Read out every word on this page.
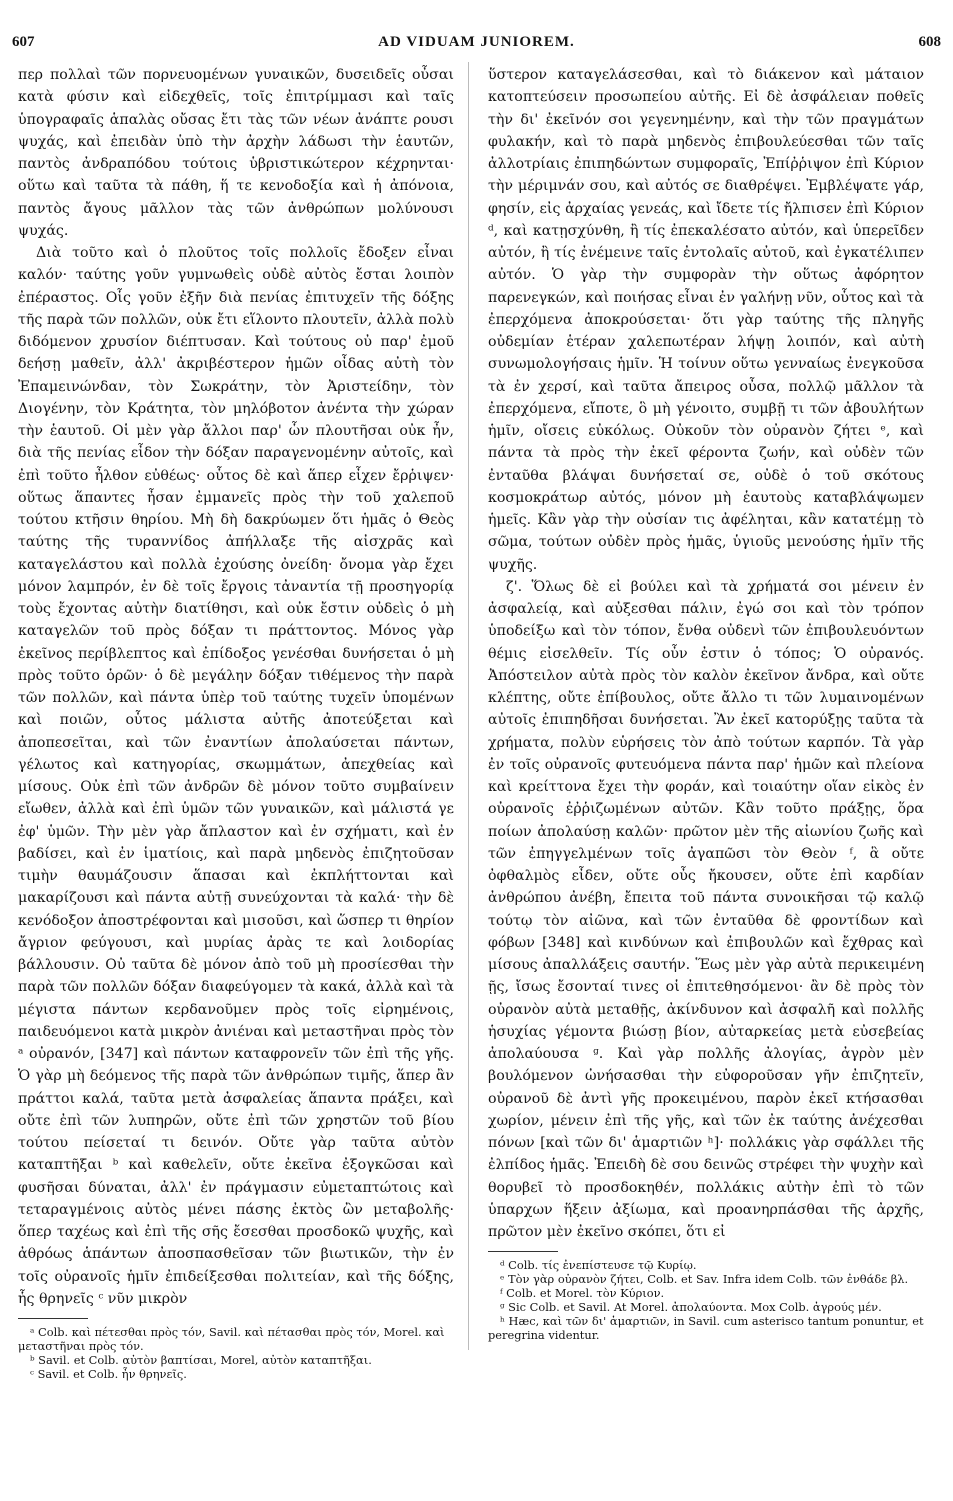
607	AD VIDUAM JUNIOREM.	608

περ πολλαὶ τῶν πορνευομένων γυναικῶν, δυσειδεῖς οὖσαι κατὰ φύσιν καὶ εἰδεχθεῖς, τοῖς ἐπιτρίμμασι καὶ ταῖς ὑπογραφαῖς ἁπαλὰς οὔσας ἔτι τὰς τῶν νέων ἀνάπτε ρουσι ψυχάς, καὶ ἐπειδὰν ὑπὸ τὴν ἀρχὴν λάδωσι τὴν ἑαυτῶν, παντὸς ἀνδραπόδου τούτοις ὑβριστικώτερον κέχρηνται· οὕτω καὶ ταῦτα τὰ πάθη, ἥ τε κενοδοξία καὶ ἡ ἀπόνοια, παντὸς ἄγους μᾶλλον τὰς τῶν ἀνθρώπων μολύνουσι ψυχάς.

Διὰ τοῦτο καὶ ὁ πλοῦτος τοῖς πολλοῖς ἔδοξεν εἶναι καλόν· ταύτης γοῦν γυμνωθεὶς οὐδὲ αὐτὸς ἔσται λοιπὸν ἐπέραστος. Οἷς γοῦν ἐξῆν διὰ πενίας ἐπιτυχεῖν τῆς δόξης τῆς παρὰ τῶν πολλῶν, οὐκ ἔτι εἵλοντο πλουτεῖν, ἀλλὰ πολὺ διδόμενον χρυσίον διέπτυσαν. Καὶ τούτους οὐ παρ' ἐμοῦ δεήσῃ μαθεῖν, ἀλλ' ἀκριβέστερον ἡμῶν οἶδας αὐτὴ τὸν Ἐπαμεινώνδαν, τὸν Σωκράτην, τὸν Ἀριστείδην, τὸν Διογένην, τὸν Κράτητα, τὸν μηλόβοτον ἀνέντα τὴν χώραν τὴν ἑαυτοῦ. Οἱ μὲν γὰρ ἄλλοι παρ' ὧν πλουτῆσαι οὐκ ἦν, διὰ τῆς πενίας εἶδον τὴν δόξαν παραγενομένην αὐτοῖς, καὶ ἐπὶ τοῦτο ἦλθον εὐθέως· οὗτος δὲ καὶ ἅπερ εἶχεν ἔρῥιψεν· οὕτως ἅπαντες ἦσαν ἐμμανεῖς πρὸς τὴν τοῦ χαλεποῦ τούτου κτῆσιν θηρίου. Μὴ δὴ δακρύωμεν ὅτι ἡμᾶς ὁ Θεὸς ταύτης τῆς τυραννίδος ἀπήλλαξε τῆς αἰσχρᾶς καὶ καταγελάστου καὶ πολλὰ ἐχούσης ὀνείδη· ὄνομα γὰρ ἔχει μόνον λαμπρόν, ἐν δὲ τοῖς ἔργοις τἀναντία τῇ προσηγορίᾳ τοὺς ἔχοντας αὐτὴν διατίθησι, καὶ οὐκ ἔστιν οὐδεὶς ὁ μὴ καταγελῶν τοῦ πρὸς δόξαν τι πράττοντος. Μόνος γὰρ ἐκεῖνος περίβλεπτος καὶ ἐπίδοξος γενέσθαι δυνήσεται ὁ μὴ πρὸς τοῦτο ὁρῶν· ὁ δὲ μεγάλην δόξαν τιθέμενος τὴν παρὰ τῶν πολλῶν, καὶ πάντα ὑπὲρ τοῦ ταύτης τυχεῖν ὑπομένων καὶ ποιῶν, οὗτος μάλιστα αὐτῆς ἀποτεύξεται καὶ ἀποπεσεῖται, καὶ τῶν ἐναντίων ἀπολαύσεται πάντων, γέλωτος καὶ κατηγορίας, σκωμμάτων, ἀπεχθείας καὶ μίσους. Οὐκ ἐπὶ τῶν ἀνδρῶν δὲ μόνον τοῦτο συμβαίνειν εἴωθεν, ἀλλὰ καὶ ἐπὶ ὑμῶν τῶν γυναικῶν, καὶ μάλιστά γε ἐφ' ὑμῶν. Τὴν μὲν γὰρ ἄπλαστον καὶ ἐν σχήματι, καὶ ἐν βαδίσει, καὶ ἐν ἱματίοις, καὶ παρὰ μηδενὸς ἐπιζητοῦσαν τιμὴν θαυμάζουσιν ἅπασαι καὶ ἐκπλήττονται καὶ μακαρίζουσι καὶ πάντα αὐτῇ συνεύχονται τὰ καλά· τὴν δὲ κενόδοξον ἀποστρέφονται καὶ μισοῦσι, καὶ ὥσπερ τι θηρίον ἄγριον φεύγουσι, καὶ μυρίας ἀρὰς τε καὶ λοιδορίας βάλλουσιν. Οὐ ταῦτα δὲ μόνον ἀπὸ τοῦ μὴ προσίεσθαι τὴν παρὰ τῶν πολλῶν δόξαν διαφεύγομεν τὰ κακά, ἀλλὰ καὶ τὰ μέγιστα πάντων κερδανοῦμεν πρὸς τοῖς εἰρημένοις, παιδευόμενοι κατὰ μικρὸν ἀνιέναι καὶ μεταστῆναι πρὸς τὸν ᵃ οὐρανόν, [347] καὶ πάντων καταφρονεῖν τῶν ἐπὶ τῆς γῆς. Ὁ γὰρ μὴ δεόμενος τῆς παρὰ τῶν ἀνθρώπων τιμῆς, ἅπερ ἂν πράττοι καλά, ταῦτα μετὰ ἀσφαλείας ἅπαντα πράξει, καὶ οὔτε ἐπὶ τῶν λυπηρῶν, οὔτε ἐπὶ τῶν χρηστῶν τοῦ βίου τούτου πείσεταί τι δεινόν. Οὔτε γὰρ ταῦτα αὐτὸν καταπτῆξαι ᵇ καὶ καθελεῖν, οὔτε ἐκεῖνα ἐξογκῶσαι καὶ φυσῆσαι δύναται, ἀλλ' ἐν πράγμασιν εὐμεταπτώτοις καὶ τεταραγμένοις αὐτὸς μένει πάσης ἐκτὸς ὢν μεταβολῆς· ὅπερ ταχέως καὶ ἐπὶ τῆς σῆς ἔσεσθαι προσδοκῶ ψυχῆς, καὶ ἀθρόως ἁπάντων ἀποσπασθεῖσαν τῶν βιωτικῶν, τὴν ἐν τοῖς οὐρανοῖς ἡμῖν ἐπιδείξεσθαι πολιτείαν, καὶ τῆς δόξης, ἧς θρηνεῖς ᶜ νῦν μικρὸν

ᵃ Colb. καὶ πέτεσθαι πρὸς τόν, Savil. καὶ πέτασθαι πρὸς τόν, Morel. καὶ μεταστῆναι πρὸς τόν.

ᵇ Savil. et Colb. αὐτὸν βαπτίσαι, Morel, αὐτὸν καταπτῆξαι.

ᶜ Savil. et Colb. ἦν θρηνεῖς.

ὕστερον καταγελάσεσθαι, καὶ τὸ διάκενον καὶ μάταιον κατοπτεύσειν προσωπείου αὐτῆς. Εἰ δὲ ἀσφάλειαν ποθεῖς τὴν δι' ἐκεῖνόν σοι γεγενημένην, καὶ τὴν τῶν πραγμάτων φυλακήν, καὶ τὸ παρὰ μηδενὸς ἐπιβουλεύεσθαι τῶν ταῖς ἀλλοτρίαις ἐπιπηδώντων συμφοραῖς, Ἐπίῤῥιψον ἐπὶ Κύριον τὴν μέριμνάν σου, καὶ αὐτός σε διαθρέψει. Ἐμβλέψατε γάρ, φησίν, εἰς ἀρχαίας γενεάς, καὶ ἴδετε τίς ἤλπισεν ἐπὶ Κύριον ᵈ, καὶ κατῃσχύνθη, ἢ τίς ἐπεκαλέσατο αὐτόν, καὶ ὑπερεῖδεν αὐτόν, ἢ τίς ἐνέμεινε ταῖς ἐντολαῖς αὐτοῦ, καὶ ἐγκατέλιπεν αὐτόν. Ὁ γὰρ τὴν συμφορὰν τὴν οὕτως ἀφόρητον παρενεγκών, καὶ ποιήσας εἶναι ἐν γαλήνῃ νῦν, οὗτος καὶ τὰ ἐπερχόμενα ἀποκρούσεται· ὅτι γὰρ ταύτης τῆς πληγῆς οὐδεμίαν ἑτέραν χαλεπωτέραν λήψῃ λοιπόν, καὶ αὐτὴ συνωμολογήσαις ἡμῖν. Ἡ τοίνυν οὕτω γενναίως ἐνεγκοῦσα τὰ ἐν χερσί, καὶ ταῦτα ἄπειρος οὖσα, πολλῷ μᾶλλον τὰ ἐπερχόμενα, εἴποτε, ὃ μὴ γένοιτο, συμβῇ τι τῶν ἀβουλήτων ἡμῖν, οἴσεις εὐκόλως. Οὐκοῦν τὸν οὐρανὸν ζήτει ᵉ, καὶ πάντα τὰ πρὸς τὴν ἐκεῖ φέροντα ζωήν, καὶ οὐδὲν τῶν ἐνταῦθα βλάψαι δυνήσεταί σε, οὐδὲ ὁ τοῦ σκότους κοσμοκράτωρ αὐτός, μόνον μὴ ἑαυτοὺς καταβλάψωμεν ἡμεῖς. Κἂν γὰρ τὴν οὐσίαν τις ἀφέληται, κἂν κατατέμῃ τὸ σῶμα, τούτων οὐδὲν πρὸς ἡμᾶς, ὑγιοῦς μενούσης ἡμῖν τῆς ψυχῆς.

ζ'. Ὅλως δὲ εἰ βούλει καὶ τὰ χρήματά σοι μένειν ἐν ἀσφαλείᾳ, καὶ αὐξεσθαι πάλιν, ἐγώ σοι καὶ τὸν τρόπον ὑποδείξω καὶ τὸν τόπον, ἔνθα οὐδενὶ τῶν ἐπιβουλευόντων θέμις εἰσελθεῖν. Τίς οὖν ἐστιν ὁ τόπος; Ὁ οὐρανός. Ἀπόστειλον αὐτὰ πρὸς τὸν καλὸν ἐκεῖνον ἄνδρα, καὶ οὔτε κλέπτης, οὔτε ἐπίβουλος, οὔτε ἄλλο τι τῶν λυμαινομένων αὐτοῖς ἐπιπηδῆσαι δυνήσεται. Ἂν ἐκεῖ κατορύξῃς ταῦτα τὰ χρήματα, πολὺν εὑρήσεις τὸν ἀπὸ τούτων καρπόν. Τὰ γὰρ ἐν τοῖς οὐρανοῖς φυτευόμενα πάντα παρ' ἡμῶν καὶ πλείονα καὶ κρείττονα ἔχει τὴν φοράν, καὶ τοιαύτην οἵαν εἰκὸς ἐν οὐρανοῖς ἐῤῥιζωμένων αὐτῶν. Κἂν τοῦτο πράξῃς, ὅρα ποίων ἀπολαύσῃ καλῶν· πρῶτον μὲν τῆς αἰωνίου ζωῆς καὶ τῶν ἐπηγγελμένων τοῖς ἀγαπῶσι τὸν Θεὸν ᶠ, ἃ οὔτε ὀφθαλμὸς εἶδεν, οὔτε οὖς ἤκουσεν, οὔτε ἐπὶ καρδίαν ἀνθρώπου ἀνέβη, ἔπειτα τοῦ πάντα συνοικῆσαι τῷ καλῷ τούτῳ τὸν αἰῶνα, καὶ τῶν ἐνταῦθα δὲ φροντίδων καὶ φόβων [348] καὶ κινδύνων καὶ ἐπιβουλῶν καὶ ἔχθρας καὶ μίσους ἀπαλλάξεις σαυτήν. Ἕως μὲν γὰρ αὐτὰ περικειμένη ῇς, ἴσως ἔσονταί τινες οἱ ἐπιτεθησόμενοι· ἂν δὲ πρὸς τὸν οὐρανὸν αὐτὰ μεταθῇς, ἀκίνδυνον καὶ ἀσφαλῆ καὶ πολλῆς ἡσυχίας γέμοντα βιώσῃ βίον, αὐταρκείας μετὰ εὐσεβείας ἀπολαύουσα ᵍ. Καὶ γὰρ πολλῆς ἀλογίας, ἀγρὸν μὲν βουλόμενον ὠνήσασθαι τὴν εὐφοροῦσαν γῆν ἐπιζητεῖν, οὐρανοῦ δὲ ἀντὶ γῆς προκειμένου, παρὸν ἐκεῖ κτήσασθαι χωρίον, μένειν ἐπὶ τῆς γῆς, καὶ τῶν ἐκ ταύτης ἀνέχεσθαι πόνων [καὶ τῶν δι' ἁμαρτιῶν ʰ]· πολλάκις γὰρ σφάλλει τῆς ἐλπίδος ἡμᾶς. Ἐπειδὴ δὲ σου δεινῶς στρέφει τὴν ψυχὴν καὶ θορυβεῖ τὸ προσδοκηθέν, πολλάκις αὐτὴν ἐπὶ τὸ τῶν ὑπαρχων ἥξειν ἀξίωμα, καὶ προανηρπάσθαι τῆς ἀρχῆς, πρῶτον μὲν ἐκεῖνο σκόπει, ὅτι εἰ

ᵈ Colb. τίς ἐνεπίστευσε τῷ Κυρίῳ.

ᵉ Τὸν γὰρ οὐρανὸν ζήτει, Colb. et Sav. Infra idem Colb. τῶν ἐνθάδε βλ.

ᶠ Colb. et Morel. τὸν Κύριον.

ᵍ Sic Colb. et Savil. At Morel. ἀπολαύοντα. Mox Colb. ἀγρούς μέν.

ʰ Hæc, καὶ τῶν δι' ἁμαρτιῶν, in Savil. cum asterisco tantum ponuntur, et peregrina videntur.
